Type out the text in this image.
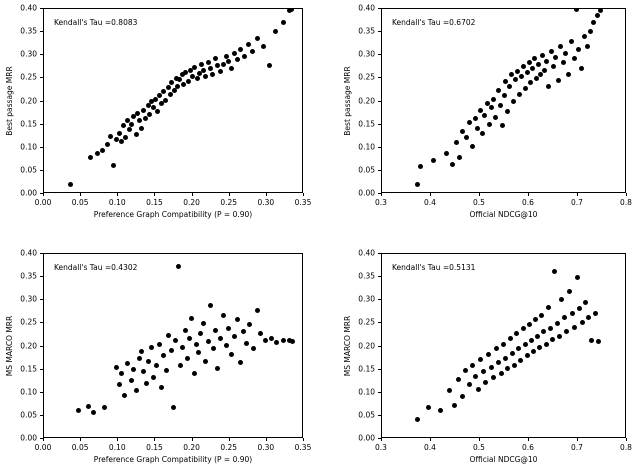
Kendall's Tau =0.8083
0.00	0.05	0.10	0.15	0.20	0.25	0.30	0.35
0.00
0.05
0.10
0.15
0.20
0.25
0.30
0.35
0.40
Preference Graph Compatibility (P = 0.90)
Best passage MRR
Kendall's Tau =0.6702
0.3	0.4	0.5	0.6	0.7	0.8
0.00
0.05
0.10
0.15
0.20
0.25
0.30
0.35
0.40
Official NDCG@10
Best passage MRR
Kendall's Tau =0.4302
0.00	0.05	0.10	0.15	0.20	0.25	0.30	0.35
0.00
0.05
0.10
0.15
0.20
0.25
0.30
0.35
0.40
Preference Graph Compatibility (P = 0.90)
MS MARCO MRR
Kendall's Tau =0.5131
0.3	0.4	0.5	0.6	0.7	0.8
0.00
0.05
0.10
0.15
0.20
0.25
0.30
0.35
0.40
Official NDCG@10
MS MARCO MRR
